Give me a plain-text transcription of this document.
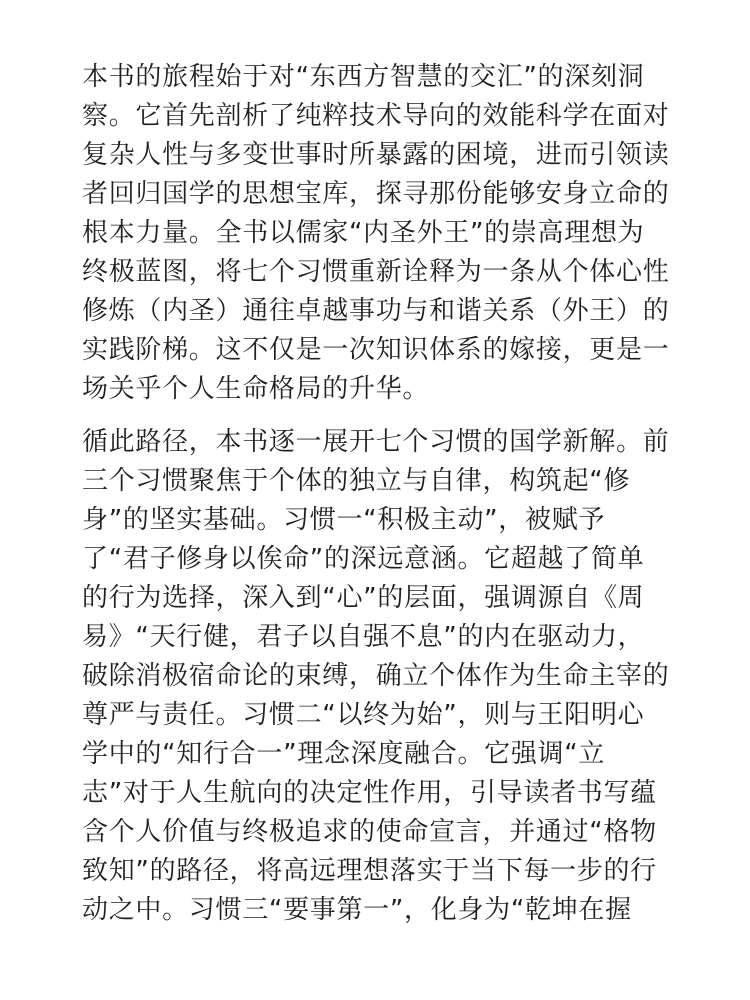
本书的旅程始于对“东西方智慧的交汇”的深刻洞
察。它首先剖析了纯粹技术导向的效能科学在面对
复杂人性与多变世事时所暴露的困境，进而引领读
者回归国学的思想宝库，探寻那份能够安身立命的
根本力量。全书以儒家“内圣外王”的崇高理想为
终极蓝图，将七个习惯重新诠释为一条从个体心性
修炼（内圣）通往卓越事功与和谐关系（外王）的
实践阶梯。这不仅是一次知识体系的嫁接，更是一
场关乎个人生命格局的升华。

循此路径，本书逐一展开七个习惯的国学新解。前
三个习惯聚焦于个体的独立与自律，构筑起“修
身”的坚实基础。习惯一“积极主动”，被赋予
了“君子修身以俟命”的深远意涵。它超越了简单
的行为选择，深入到“心”的层面，强调源自《周
易》“天行健，君子以自强不息”的内在驱动力，
破除消极宿命论的束缚，确立个体作为生命主宰的
尊严与责任。习惯二“以终为始”，则与王阳明心
学中的“知行合一”理念深度融合。它强调“立
志”对于人生航向的决定性作用，引导读者书写蕴
含个人价值与终极追求的使命宣言，并通过“格物
致知”的路径，将高远理想落实于当下每一步的行
动之中。习惯三“要事第一”，化身为“乾坤在握
